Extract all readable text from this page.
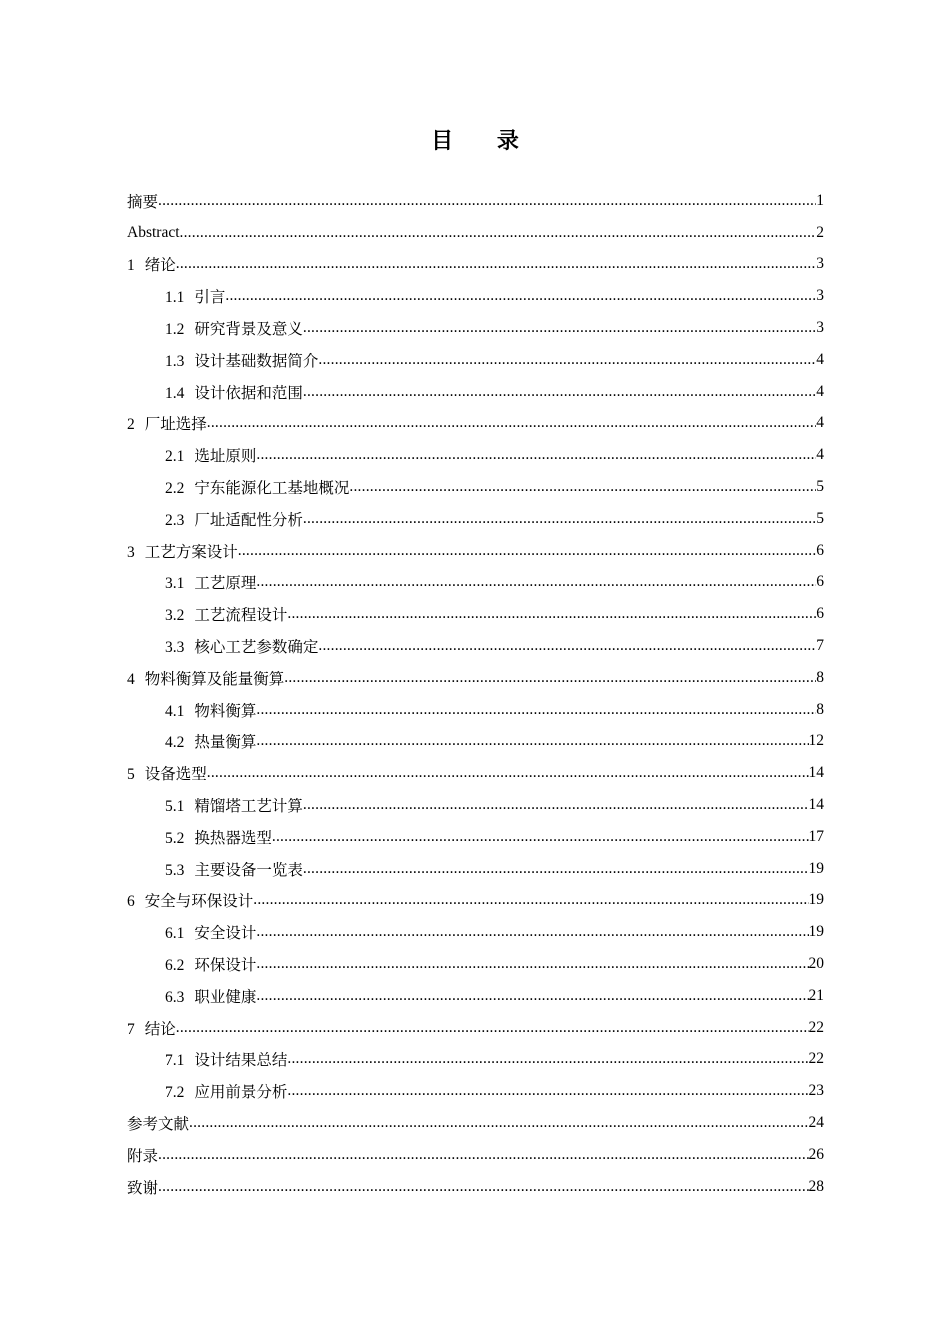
目 录
摘要 .....	1
Abstract .....	2
1 绪论 .....	3
1.1 引言 .....	3
1.2 研究背景及意义 .....	3
1.3 设计基础数据简介 .....	4
1.4 设计依据和范围 .....	4
2 厂址选择 .....	4
2.1 选址原则 .....	4
2.2 宁东能源化工基地概况 .....	5
2.3 厂址适配性分析 .....	5
3 工艺方案设计 .....	6
3.1 工艺原理 .....	6
3.2 工艺流程设计 .....	6
3.3 核心工艺参数确定 .....	7
4 物料衡算及能量衡算 .....	8
4.1 物料衡算 .....	8
4.2 热量衡算 .....	12
5 设备选型 .....	14
5.1 精馏塔工艺计算 .....	14
5.2 换热器选型 .....	17
5.3 主要设备一览表 .....	19
6 安全与环保设计 .....	19
6.1 安全设计 .....	19
6.2 环保设计 .....	20
6.3 职业健康 .....	21
7 结论 .....	22
7.1 设计结果总结 .....	22
7.2 应用前景分析 .....	23
参考文献 .....	24
附录 .....	26
致谢 .....	28
